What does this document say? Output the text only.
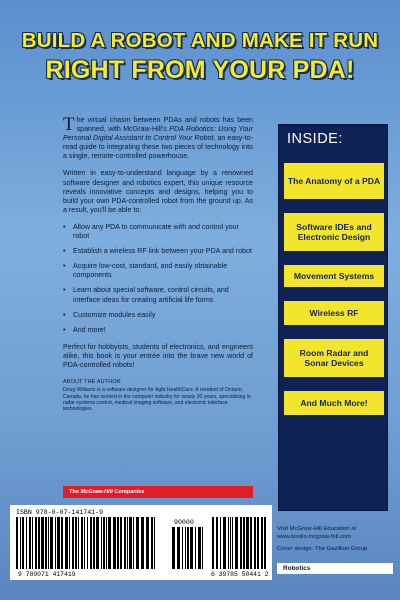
BUILD A ROBOT AND MAKE IT RUN
RIGHT FROM YOUR PDA!

The virtual chasm between PDAs and robots has been spanned, with McGraw-Hill's PDA Robotics: Using Your Personal Digital Assistant to Control Your Robot, an easy-to-read guide to integrating these two pieces of technology into a single, remote-controlled powerhouse.

Written in easy-to-understand language by a renowned software designer and robotics expert, this unique resource reveals innovative concepts and designs, helping you to build your own PDA-controlled robot from the ground up. As a result, you'll be able to:

• Allow any PDA to communicate with and control your robot
• Establish a wireless RF link between your PDA and robot
• Acquire low-cost, standard, and easily obtainable components
• Learn about special software, control circuits, and interface ideas for creating artificial life forms
• Customize modules easily
• And more!

Perfect for hobbyists, students of electronics, and engineers alike, this book is your entrée into the brave new world of PDA-controlled robots!

ABOUT THE AUTHOR
Doug Williams is a software designer for Agfa HealthCare. A resident of Ontario, Canada, he has worked in the computer industry for nearly 30 years, specializing in radar systems control, medical imaging software, and electronic interface technologies.
The McGraw-Hill Companies
INSIDE:
The Anatomy of a PDA
Software IDEs and Electronic Design
Movement Systems
Wireless RF
Room Radar and Sonar Devices
And Much More!
ISBN 978-0-07-141741-9
90000
9 780071 417419	6 39785 50441 2
Visit McGraw-Hill Education at www.books.mcgraw-hill.com
Cover design: The Gazillion Group
Robotics
